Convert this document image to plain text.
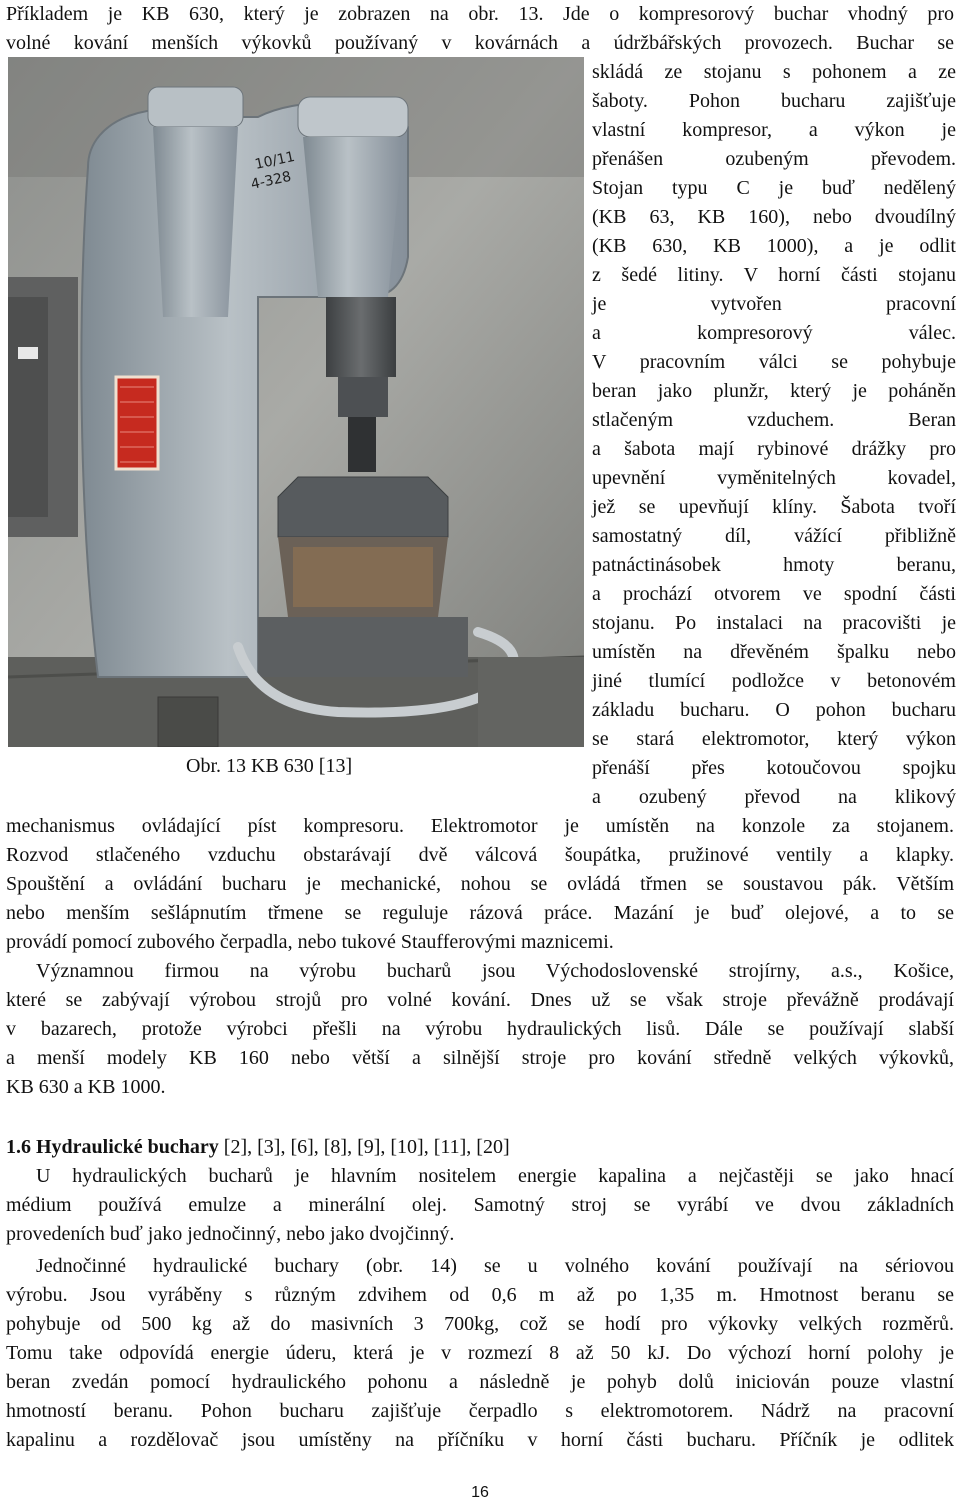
Příkladem je KB 630, který je zobrazen na obr. 13. Jde o kompresorový buchar vhodný pro
volné kování menších výkovků používaný v kovárnách a údržbářských provozech. Buchar se
10/11
4-328
skládá ze stojanu s pohonem a ze
šaboty. Pohon bucharu zajišťuje
vlastní kompresor, a výkon je
přenášen ozubeným převodem.
Stojan typu C je buď nedělený
(KB 63, KB 160), nebo dvoudílný
(KB 630, KB 1000), a je odlit
z šedé litiny. V horní části stojanu
je vytvořen pracovní
a kompresorový válec.
V pracovním válci se pohybuje
beran jako plunžr, který je poháněn
stlačeným vzduchem. Beran
a šabota mají rybinové drážky pro
upevnění vyměnitelných kovadel,
jež se upevňují klíny. Šabota tvoří
samostatný díl, vážící přibližně
patnáctinásobek hmoty beranu,
a prochází otvorem ve spodní části
stojanu. Po instalaci na pracovišti je
umístěn na dřevěném špalku nebo
jiné tlumící podložce v betonovém
základu bucharu. O pohon bucharu
se stará elektromotor, který výkon
přenáší přes kotoučovou spojku
a ozubený převod na klikový
Obr. 13 KB 630 [13]
mechanismus ovládající píst kompresoru. Elektromotor je umístěn na konzole za stojanem.
Rozvod stlačeného vzduchu obstarávají dvě válcová šoupátka, pružinové ventily a klapky.
Spouštění a ovládání bucharu je mechanické, nohou se ovládá třmen se soustavou pák. Větším
nebo menším sešlápnutím třmene se reguluje rázová práce. Mazání je buď olejové, a to se
provádí pomocí zubového čerpadla, nebo tukové Staufferovými maznicemi.
Významnou firmou na výrobu bucharů jsou Východoslovenské strojírny, a.s., Košice,
které se zabývají výrobou strojů pro volné kování. Dnes už se však stroje převážně prodávají
v bazarech, protože výrobci přešli na výrobu hydraulických lisů. Dále se používají slabší
a menší modely KB 160 nebo větší a silnější stroje pro kování středně velkých výkovků,
KB 630 a KB 1000.
1.6 Hydraulické buchary [2], [3], [6], [8], [9], [10], [11], [20]
U hydraulických bucharů je hlavním nositelem energie kapalina a nejčastěji se jako hnací
médium používá emulze a minerální olej. Samotný stroj se vyrábí ve dvou základních
provedeních buď jako jednočinný, nebo jako dvojčinný.
Jednočinné hydraulické buchary (obr. 14) se u volného kování používají na sériovou
výrobu. Jsou vyráběny s různým zdvihem od 0,6 m až po 1,35 m. Hmotnost beranu se
pohybuje od 500 kg až do masivních 3 700kg, což se hodí pro výkovky velkých rozměrů.
Tomu take odpovídá energie úderu, která je v rozmezí 8 až 50 kJ. Do výchozí horní polohy je
beran zvedán pomocí hydraulického pohonu a následně je pohyb dolů iniciován pouze vlastní
hmotností beranu. Pohon bucharu zajišťuje čerpadlo s elektromotorem. Nádrž na pracovní
kapalinu a rozdělovač jsou umístěny na příčníku v horní části bucharu. Příčník je odlitek
16
